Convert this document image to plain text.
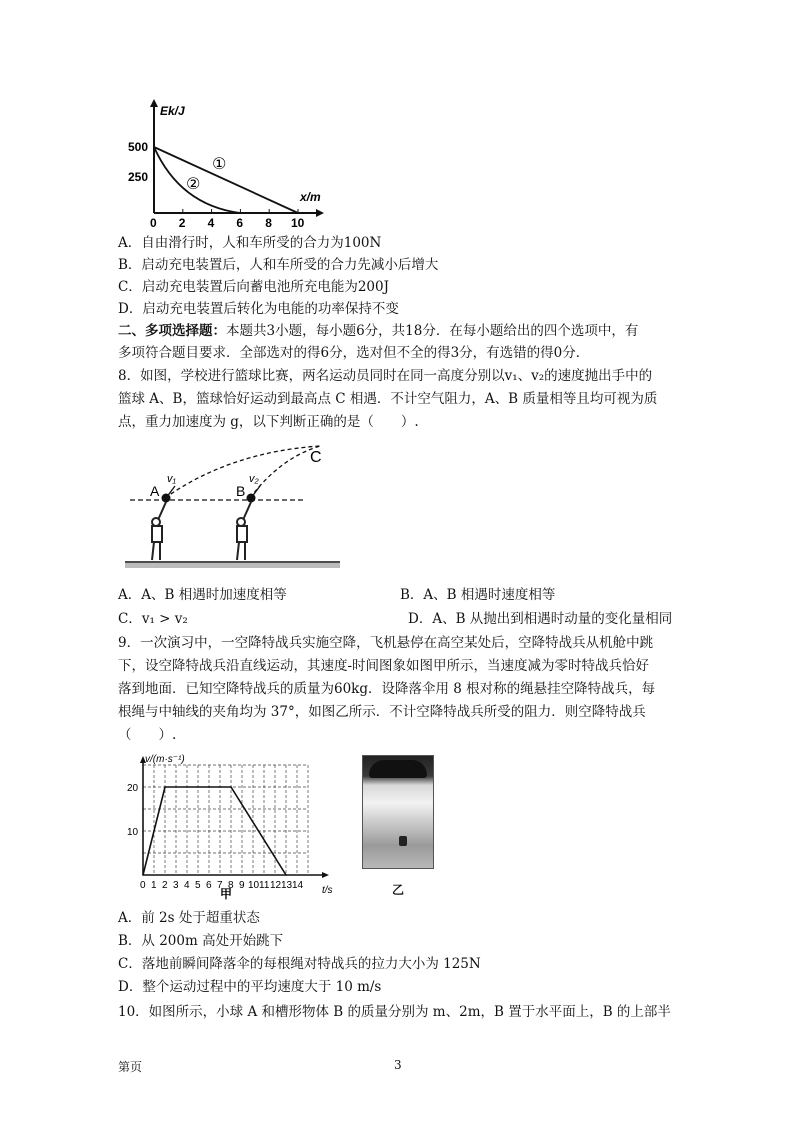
Ek/J
x/m
0 2 4 6 8 10
500
250
①
②
A．自由滑行时，人和车所受的合力为100N
B．启动充电装置后，人和车所受的合力先减小后增大
C．启动充电装置后向蓄电池所充电能为200J
D．启动充电装置后转化为电能的功率保持不变
二、多项选择题：本题共3小题，每小题6分，共18分．在每小题给出的四个选项中，有
多项符合题目要求．全部选对的得6分，选对但不全的得3分，有选错的得0分．
8．如图，学校进行篮球比赛，两名运动员同时在同一高度分别以v₁、v₂的速度抛出手中的
篮球 A、B，篮球恰好运动到最高点 C 相遇．不计空气阻力，A、B 质量相等且均可视为质
点，重力加速度为 g，以下判断正确的是（　　）.
C
A	B
v₁	v₂
A．A、B 相遇时加速度相等	B．A、B 相遇时速度相等
C．v₁ > v₂	D．A、B 从抛出到相遇时动量的变化量相同
9．一次演习中，一空降特战兵实施空降，飞机悬停在高空某处后，空降特战兵从机舱中跳
下，设空降特战兵沿直线运动，其速度-时间图象如图甲所示，当速度减为零时特战兵恰好
落到地面．已知空降特战兵的质量为60kg．设降落伞用 8 根对称的绳悬挂空降特战兵，每
根绳与中轴线的夹角均为 37°，如图乙所示．不计空降特战兵所受的阻力．则空降特战兵
（　　）.
v/(m·s⁻¹)
t/s
0 1 2 3 4 5 6 7 8 9 10 11 12 13 14
10
20
甲	乙
A．前 2s 处于超重状态
B．从 200m 高处开始跳下
C．落地前瞬间降落伞的每根绳对特战兵的拉力大小为 125N
D．整个运动过程中的平均速度大于 10 m/s
10．如图所示，小球 A 和槽形物体 B 的质量分别为 m、2m，B 置于水平面上，B 的上部半
第页	3
